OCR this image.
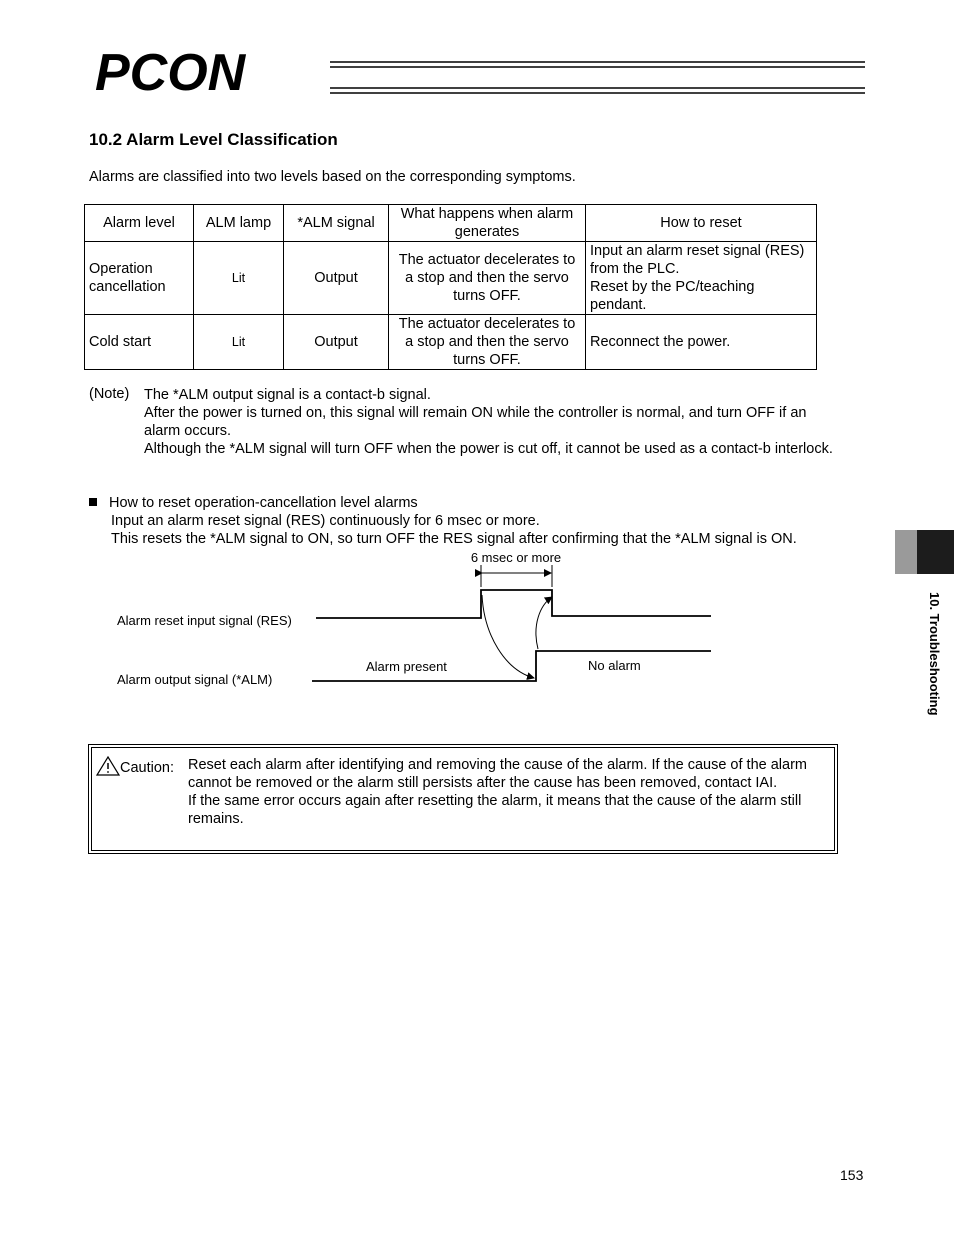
PCON
10.2 Alarm Level Classification
Alarms are classified into two levels based on the corresponding symptoms.
Alarm level	ALM lamp	*ALM signal	What happens when alarm generates	How to reset
Operation cancellation	Lit	Output	The actuator decelerates to a stop and then the servo turns OFF.	Input an alarm reset signal (RES) from the PLC.
Reset by the PC/teaching pendant.

Cold start	Lit	Output	The actuator decelerates to a stop and then the servo turns OFF.	Reconnect the power.
(Note) The *ALM output signal is a contact-b signal.
After the power is turned on, this signal will remain ON while the controller is normal, and turn OFF if an alarm occurs.
Although the *ALM signal will turn OFF when the power is cut off, it cannot be used as a contact-b interlock.
How to reset operation-cancellation level alarms
Input an alarm reset signal (RES) continuously for 6 msec or more.
This resets the *ALM signal to ON, so turn OFF the RES signal after confirming that the *ALM signal is ON.
6 msec or more
Alarm reset input signal (RES)
Alarm output signal (*ALM)
Alarm present	No alarm
Caution: Reset each alarm after identifying and removing the cause of the alarm. If the cause of the alarm cannot be removed or the alarm still persists after the cause has been removed, contact IAI.
If the same error occurs again after resetting the alarm, it means that the cause of the alarm still remains.
10. Troubleshooting
153
